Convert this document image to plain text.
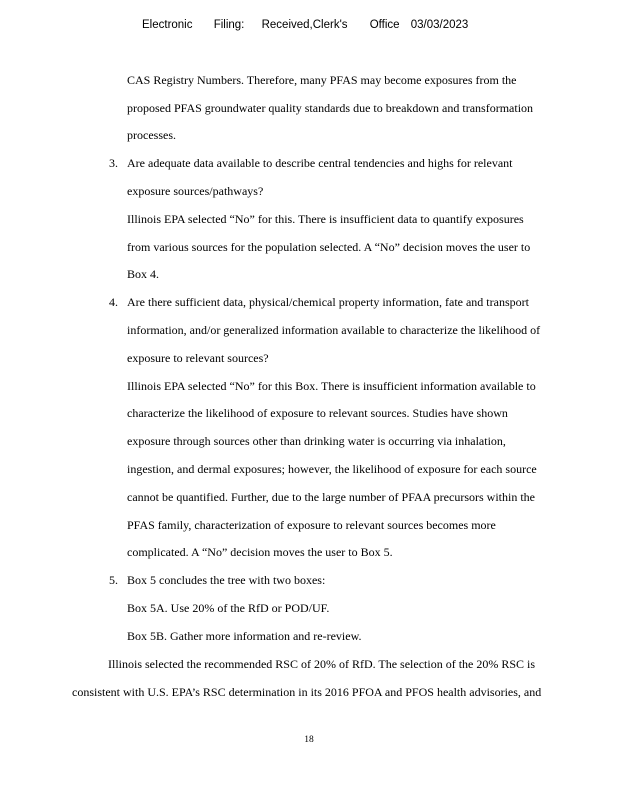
Electronic Filing: Received,Clerk's Office 03/03/2023
CAS Registry Numbers. Therefore, many PFAS may become exposures from the
proposed PFAS groundwater quality standards due to breakdown and transformation
processes.
3. Are adequate data available to describe central tendencies and highs for relevant
exposure sources/pathways?
Illinois EPA selected “No” for this. There is insufficient data to quantify exposures
from various sources for the population selected. A “No” decision moves the user to
Box 4.
4. Are there sufficient data, physical/chemical property information, fate and transport
information, and/or generalized information available to characterize the likelihood of
exposure to relevant sources?
Illinois EPA selected “No” for this Box. There is insufficient information available to
characterize the likelihood of exposure to relevant sources. Studies have shown
exposure through sources other than drinking water is occurring via inhalation,
ingestion, and dermal exposures; however, the likelihood of exposure for each source
cannot be quantified. Further, due to the large number of PFAA precursors within the
PFAS family, characterization of exposure to relevant sources becomes more
complicated. A “No” decision moves the user to Box 5.
5. Box 5 concludes the tree with two boxes:
Box 5A. Use 20% of the RfD or POD/UF.
Box 5B. Gather more information and re-review.
Illinois selected the recommended RSC of 20% of RfD. The selection of the 20% RSC is
consistent with U.S. EPA’s RSC determination in its 2016 PFOA and PFOS health advisories, and
18
